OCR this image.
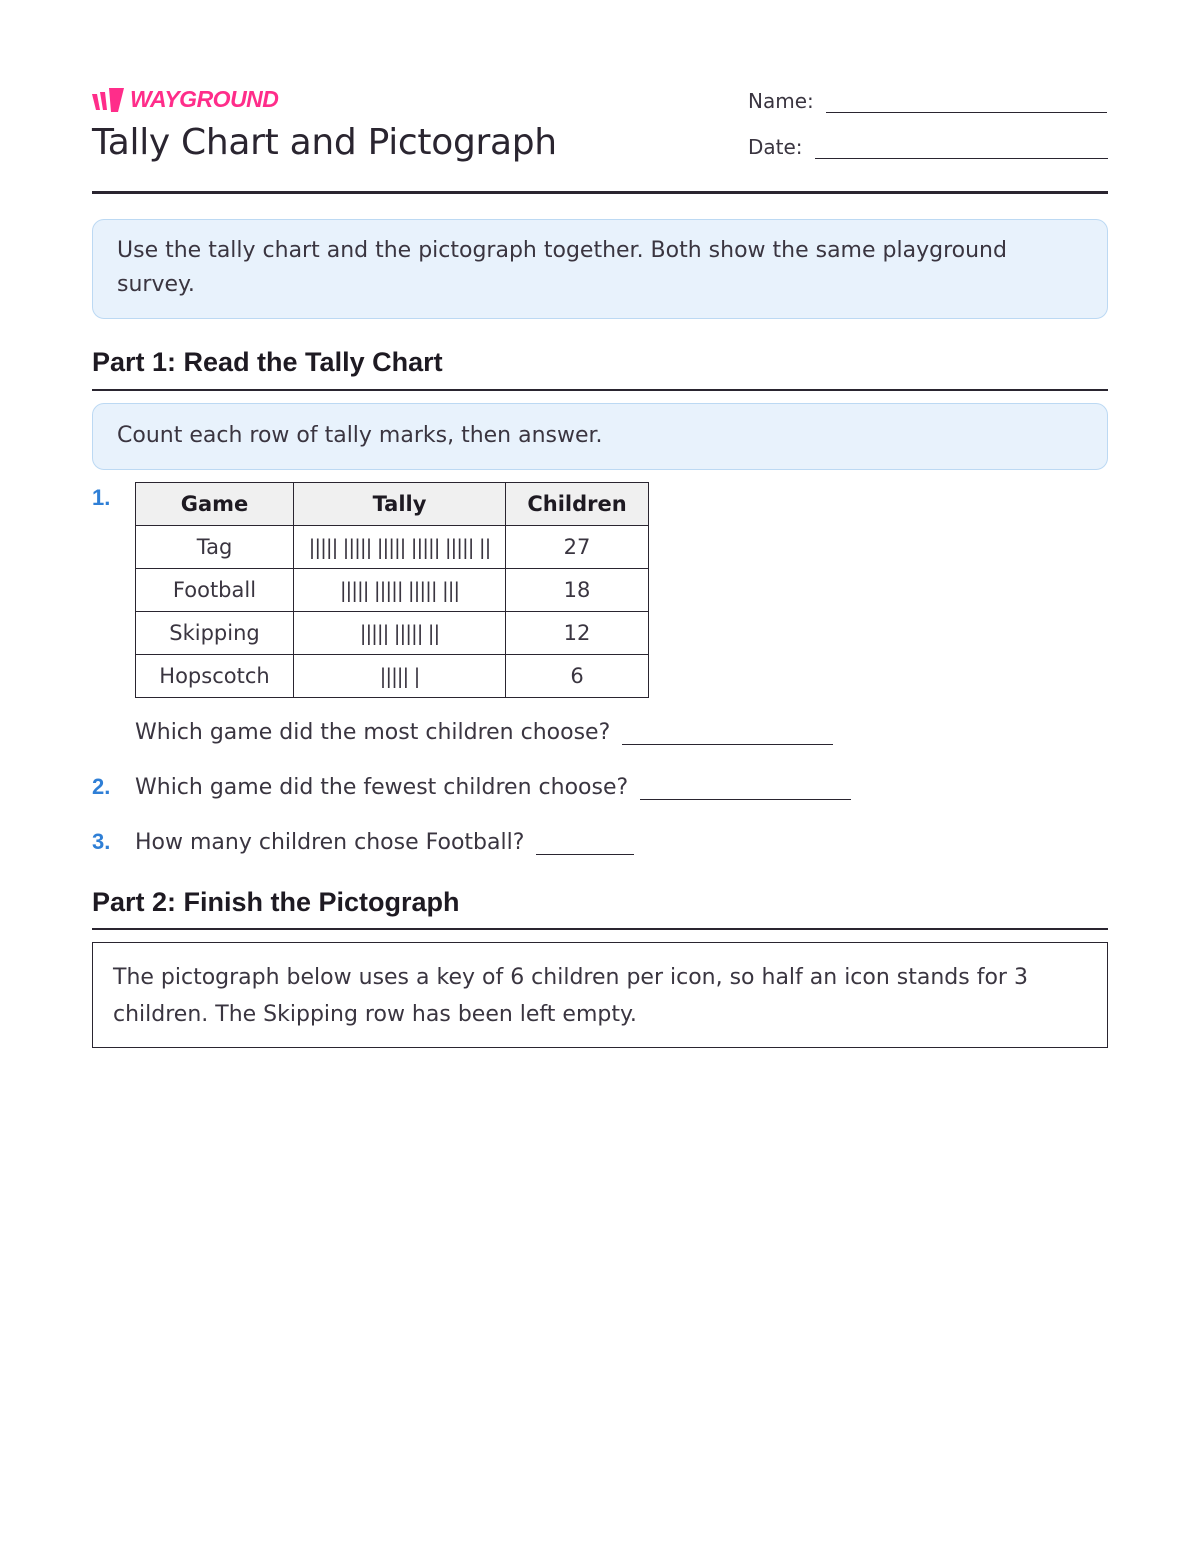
WAYGROUND
Tally Chart and Pictograph
Name:
Date:
Use the tally chart and the pictograph together. Both show the same playground survey.
Part 1: Read the Tally Chart
Count each row of tally marks, then answer.
1.	Game	Tally	Children
Tag	||||| ||||| ||||| ||||| ||||| ||	27
Football	||||| ||||| ||||| |||	18
Skipping	||||| ||||| ||	12
Hopscotch	||||| |	6
Which game did the most children choose?
2. Which game did the fewest children choose?
3. How many children chose Football?
Part 2: Finish the Pictograph
The pictograph below uses a key of 6 children per icon, so half an icon stands for 3 children. The Skipping row has been left empty.
